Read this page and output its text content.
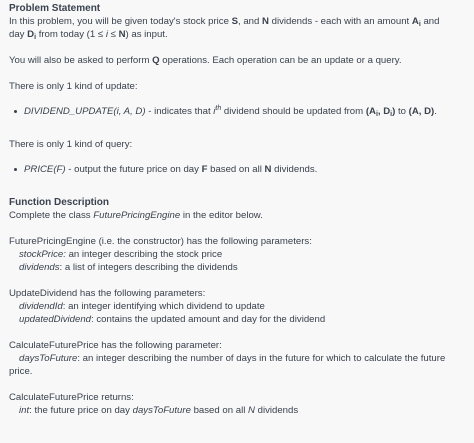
Problem Statement

In this problem, you will be given today's stock price S, and N dividends - each with an amount $A_i$ and

day $D_i$ from today (1 ≤ i ≤ N) as input.

You will also be asked to perform Q operations. Each operation can be an update or a query.

There is only 1 kind of update:

DIVIDEND_UPDATE(i, A, D) - indicates that $i^{th}$ dividend should be updated from ($A_i$, $D_i$) to (A, D).

There is only 1 kind of query:

PRICE(F) - output the future price on day F based on all N dividends.
Function Description

Complete the class FuturePricingEngine in the editor below.

FuturePricingEngine (i.e. the constructor) has the following parameters:

stockPrice: an integer describing the stock price

dividends: a list of integers describing the dividends

UpdateDividend has the following parameters:

dividendId: an integer identifying which dividend to update

updatedDividend: contains the updated amount and day for the dividend

CalculateFuturePrice has the following parameter:

daysToFuture: an integer describing the number of days in the future for which to calculate the future

price.

CalculateFuturePrice returns:

int: the future price on day daysToFuture based on all N dividends
